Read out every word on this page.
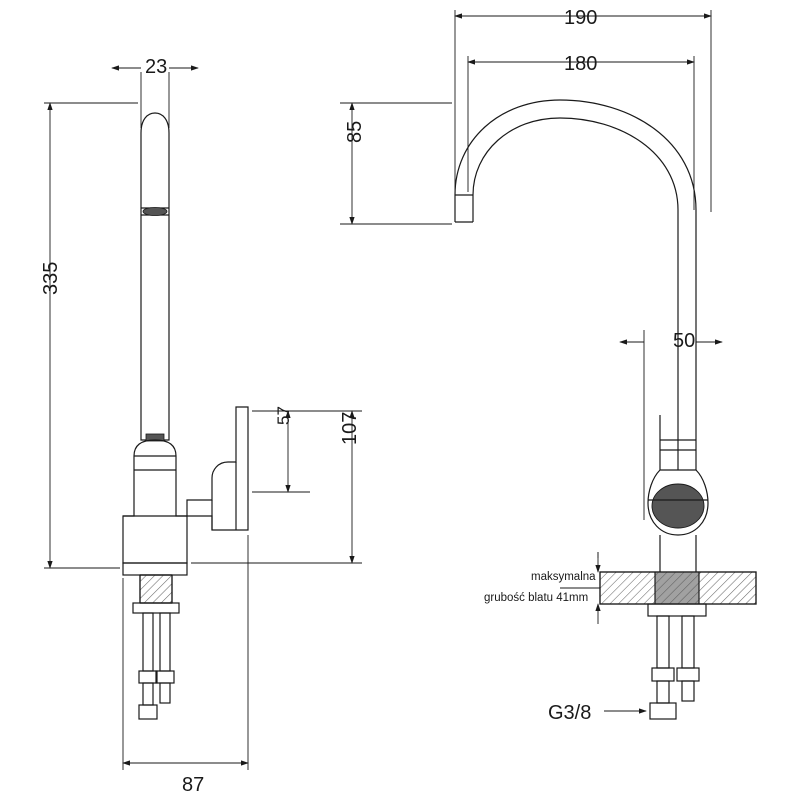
23
335
87
57 107
190
180
85
50
G3/8
maksymalna
grubość blatu 41mm
